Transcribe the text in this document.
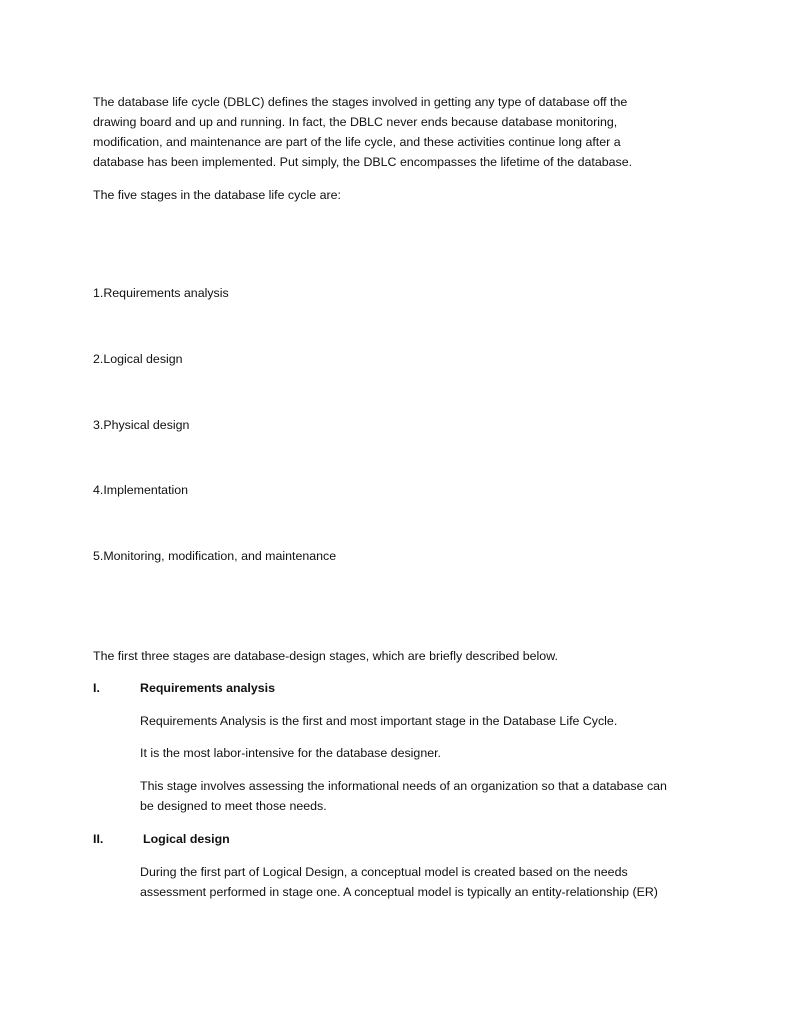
The database life cycle (DBLC) defines the stages involved in getting any type of database off the

drawing board and up and running. In fact, the DBLC never ends because database monitoring,

modification, and maintenance are part of the life cycle, and these activities continue long after a

database has been implemented. Put simply, the DBLC encompasses the lifetime of the database.

The five stages in the database life cycle are:

1.Requirements analysis

2.Logical design

3.Physical design

4.Implementation

5.Monitoring, modification, and maintenance

The first three stages are database-design stages, which are briefly described below.

I.	Requirements analysis

Requirements Analysis is the first and most important stage in the Database Life Cycle.

It is the most labor-intensive for the database designer.

This stage involves assessing the informational needs of an organization so that a database can

be designed to meet those needs.

II.	Logical design

During the first part of Logical Design, a conceptual model is created based on the needs

assessment performed in stage one. A conceptual model is typically an entity-relationship (ER)
